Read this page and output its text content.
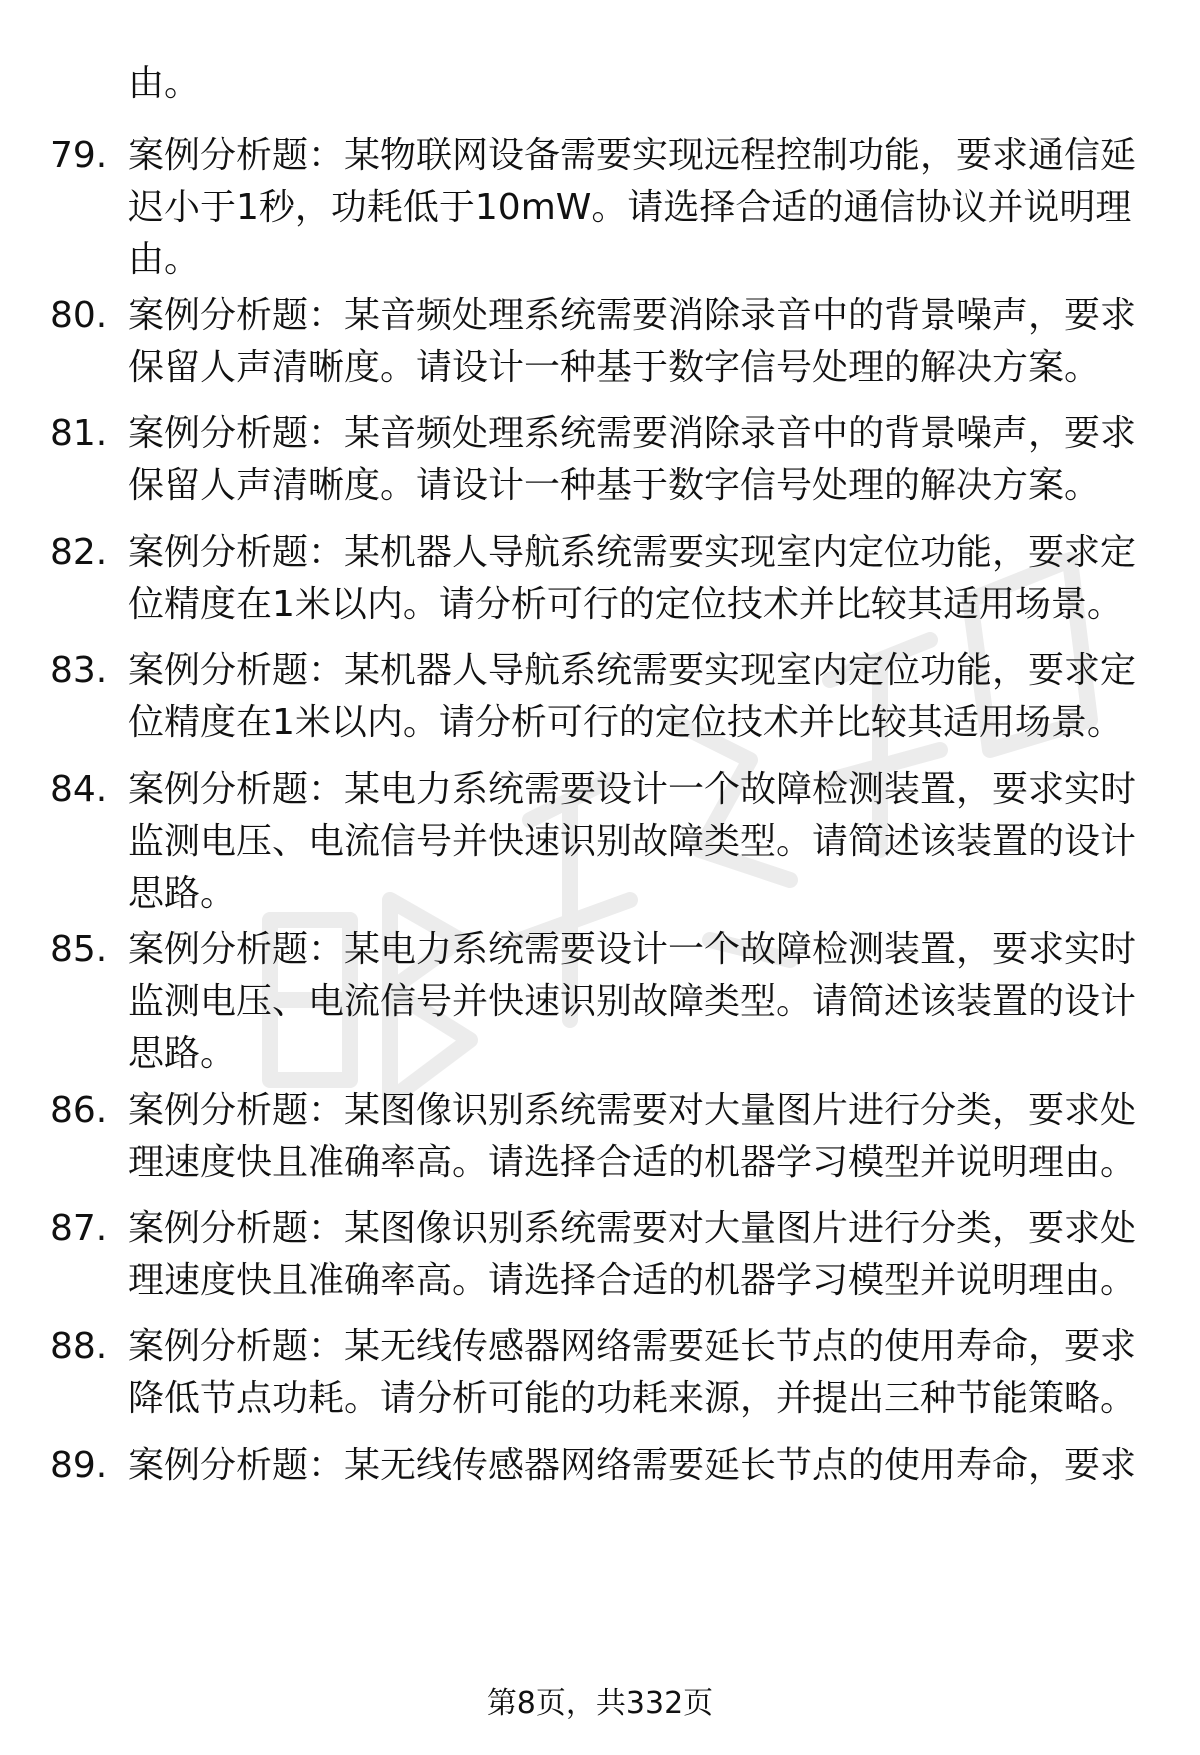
由。
79. 案例分析题：某物联网设备需要实现远程控制功能，要求通信延
迟小于1秒，功耗低于10mW。请选择合适的通信协议并说明理
由。
80. 案例分析题：某音频处理系统需要消除录音中的背景噪声，要求
保留人声清晰度。请设计一种基于数字信号处理的解决方案。
81. 案例分析题：某音频处理系统需要消除录音中的背景噪声，要求
保留人声清晰度。请设计一种基于数字信号处理的解决方案。
82. 案例分析题：某机器人导航系统需要实现室内定位功能，要求定
位精度在1米以内。请分析可行的定位技术并比较其适用场景。
83. 案例分析题：某机器人导航系统需要实现室内定位功能，要求定
位精度在1米以内。请分析可行的定位技术并比较其适用场景。
84. 案例分析题：某电力系统需要设计一个故障检测装置，要求实时
监测电压、电流信号并快速识别故障类型。请简述该装置的设计
思路。
85. 案例分析题：某电力系统需要设计一个故障检测装置，要求实时
监测电压、电流信号并快速识别故障类型。请简述该装置的设计
思路。
86. 案例分析题：某图像识别系统需要对大量图片进行分类，要求处
理速度快且准确率高。请选择合适的机器学习模型并说明理由。
87. 案例分析题：某图像识别系统需要对大量图片进行分类，要求处
理速度快且准确率高。请选择合适的机器学习模型并说明理由。
88. 案例分析题：某无线传感器网络需要延长节点的使用寿命，要求
降低节点功耗。请分析可能的功耗来源，并提出三种节能策略。
89. 案例分析题：某无线传感器网络需要延长节点的使用寿命，要求
第8页，共332页
